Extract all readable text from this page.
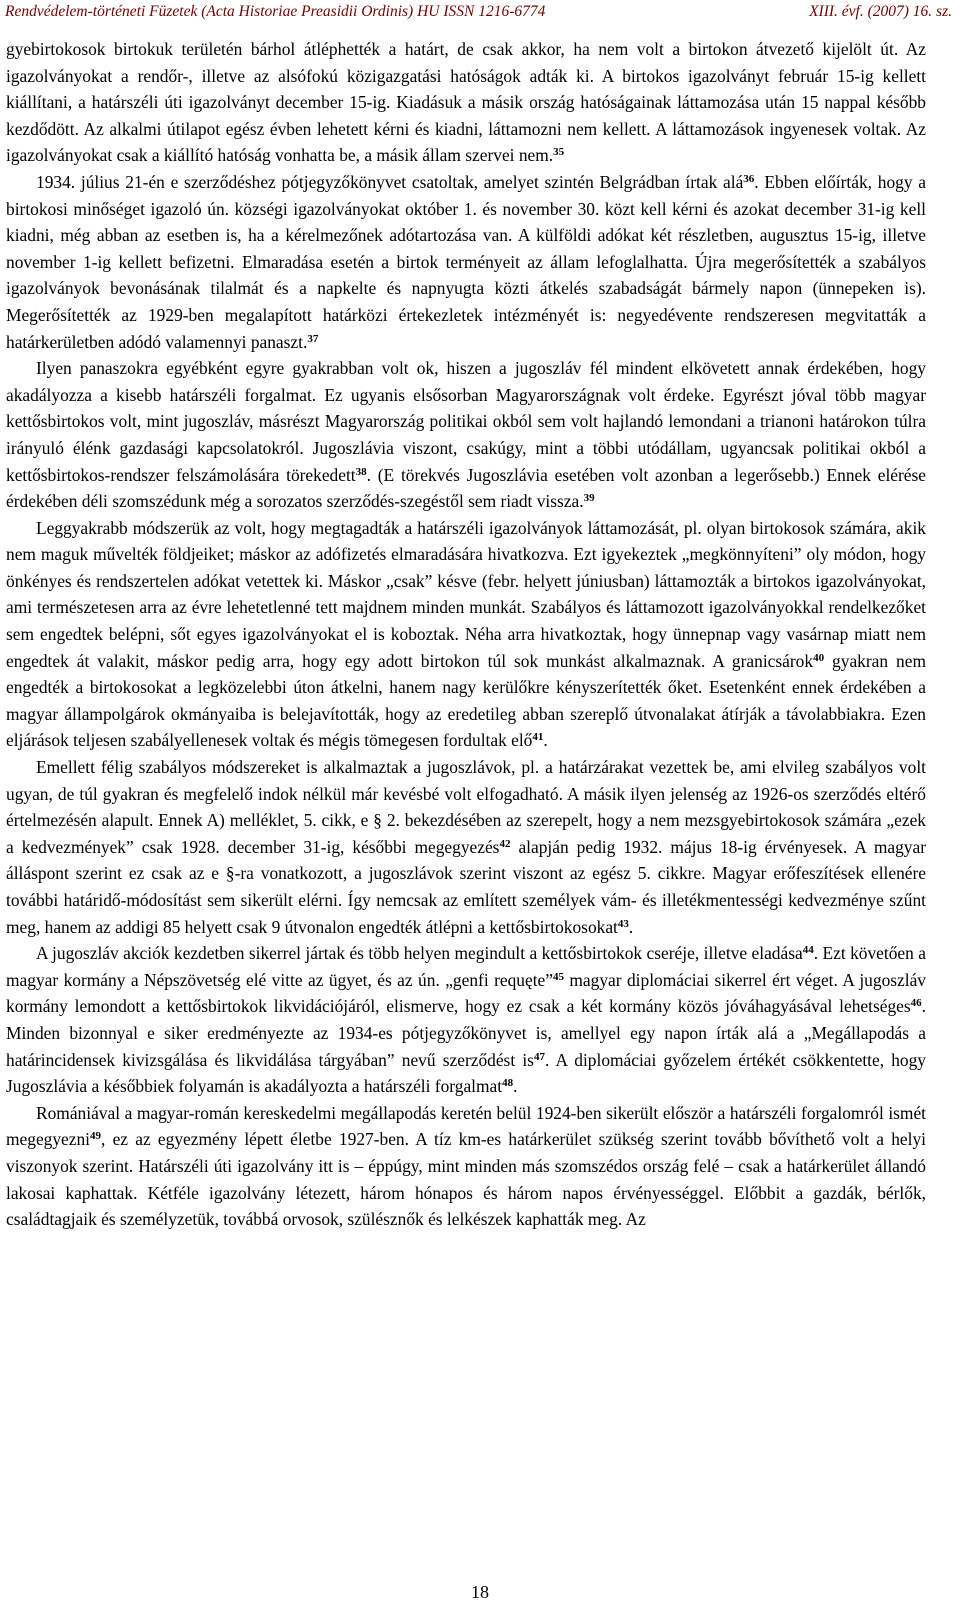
Rendvédelem-történeti Füzetek (Acta Historiae Preasidii Ordinis) HU ISSN 1216-6774	XIII. évf. (2007) 16. sz.

gyebirtokosok birtokuk területén bárhol átléphették a határt, de csak akkor, ha nem volt a birtokon átvezető kijelölt út. Az igazolványokat a rendőr-, illetve az alsófokú közigazgatási hatóságok adták ki. A birtokos igazolványt február 15-ig kellett kiállítani, a határszéli úti igazolványt december 15-ig. Kiadásuk a másik ország hatóságainak láttamozása után 15 nappal később kezdődött. Az alkalmi útilapot egész évben lehetett kérni és kiadni, láttamozni nem kellett. A láttamozások ingyenesek voltak. Az igazolványokat csak a kiállító hatóság vonhatta be, a másik állam szervei nem.$^{35}$

1934. július 21-én e szerződéshez pótjegyzőkönyvet csatoltak, amelyet szintén Belgrádban írtak alá$^{36}$. Ebben előírták, hogy a birtokosi minőséget igazoló ún. községi igazolványokat október 1. és november 30. közt kell kérni és azokat december 31-ig kell kiadni, még abban az esetben is, ha a kérelmezőnek adótartozása van. A külföldi adókat két részletben, augusztus 15-ig, illetve november 1-ig kellett befizetni. Elmaradása esetén a birtok terményeit az állam lefoglalhatta. Újra megerősítették a szabályos igazolványok bevonásának tilalmát és a napkelte és napnyugta közti átkelés szabadságát bármely napon (ünnepeken is). Megerősítették az 1929-ben megalapított határközi értekezletek intézményét is: negyedévente rendszeresen megvitatták a határkerületben adódó valamennyi panaszt.$^{37}$

Ilyen panaszokra egyébként egyre gyakrabban volt ok, hiszen a jugoszláv fél mindent elkövetett annak érdekében, hogy akadályozza a kisebb határszéli forgalmat. Ez ugyanis elsősorban Magyarországnak volt érdeke. Egyrészt jóval több magyar kettősbirtokos volt, mint jugoszláv, másrészt Magyarország politikai okból sem volt hajlandó lemondani a trianoni határokon túlra irányuló élénk gazdasági kapcsolatokról. Jugoszlávia viszont, csakúgy, mint a többi utódállam, ugyancsak politikai okból a kettősbirtokos-rendszer felszámolására törekedett$^{38}$. (E törekvés Jugoszlávia esetében volt azonban a legerősebb.) Ennek elérése érdekében déli szomszédunk még a sorozatos szerződés-szegéstől sem riadt vissza.$^{39}$

Leggyakrabb módszerük az volt, hogy megtagadták a határszéli igazolványok láttamozását, pl. olyan birtokosok számára, akik nem maguk művelték földjeiket; máskor az adófizetés elmaradására hivatkozva. Ezt igyekeztek „megkönnyíteni” oly módon, hogy önkényes és rendszertelen adókat vetettek ki. Máskor „csak” késve (febr. helyett júniusban) láttamozták a birtokos igazolványokat, ami természetesen arra az évre lehetetlenné tett majdnem minden munkát. Szabályos és láttamozott igazolványokkal rendelkezőket sem engedtek belépni, sőt egyes igazolványokat el is koboztak. Néha arra hivatkoztak, hogy ünnepnap vagy vasárnap miatt nem engedtek át valakit, máskor pedig arra, hogy egy adott birtokon túl sok munkást alkalmaznak. A granicsárok$^{40}$ gyakran nem engedték a birtokosokat a legközelebbi úton átkelni, hanem nagy kerülőkre kényszerítették őket. Esetenként ennek érdekében a magyar állampolgárok okmányaiba is belejavították, hogy az eredetileg abban szereplő útvonalakat átírják a távolabbiakra. Ezen eljárások teljesen szabályellenesek voltak és mégis tömegesen fordultak elő$^{41}$.

Emellett félig szabályos módszereket is alkalmaztak a jugoszlávok, pl. a határzárakat vezettek be, ami elvileg szabályos volt ugyan, de túl gyakran és megfelelő indok nélkül már kevésbé volt elfogadható. A másik ilyen jelenség az 1926-os szerződés eltérő értelmezésén alapult. Ennek A) melléklet, 5. cikk, e § 2. bekezdésében az szerepelt, hogy a nem mezsgyebirtokosok számára „ezek a kedvezmények” csak 1928. december 31-ig, későbbi megegyezés$^{42}$ alapján pedig 1932. május 18-ig érvényesek. A magyar álláspont szerint ez csak az e §-ra vonatkozott, a jugoszlávok szerint viszont az egész 5. cikkre. Magyar erőfeszítések ellenére további határidő-módosítást sem sikerült elérni. Így nemcsak az említett személyek vám- és illetékmentességi kedvezménye szűnt meg, hanem az addigi 85 helyett csak 9 útvonalon engedték átlépni a kettősbirtokosokat$^{43}$.

A jugoszláv akciók kezdetben sikerrel jártak és több helyen megindult a kettősbirtokok cseréje, illetve eladása$^{44}$. Ezt követően a magyar kormány a Népszövetség elé vitte az ügyet, és az ún. „genfi requęte”$^{45}$ magyar diplomáciai sikerrel ért véget. A jugoszláv kormány lemondott a kettősbirtokok likvidációjáról, elismerve, hogy ez csak a két kormány közös jóváhagyásával lehetséges$^{46}$. Minden bizonnyal e siker eredményezte az 1934-es pótjegyzőkönyvet is, amellyel egy napon írták alá a „Megállapodás a határincidensek kivizsgálása és likvidálása tárgyában” nevű szerződést $is^{47}$. A diplomáciai győzelem értékét csökkentette, hogy Jugoszlávia a későbbiek folyamán is akadályozta a határszéli forgalmat$^{48}$.

Romániával a magyar-román kereskedelmi megállapodás keretén belül 1924-ben sikerült először a határszéli forgalomról ismét megegyezni$^{49}$, ez az egyezmény lépett életbe 1927-ben. A tíz km-es határkerület szükség szerint tovább bővíthető volt a helyi viszonyok szerint. Határszéli úti igazolvány itt is – éppúgy, mint minden más szomszédos ország felé – csak a határkerület állandó lakosai kaphattak. Kétféle igazolvány létezett, három hónapos és három napos érvényességgel. Előbbit a gazdák, bérlők, családtagjaik és személyzetük, továbbá orvosok, szülésznők és lelkészek kaphatták meg. Az

18
